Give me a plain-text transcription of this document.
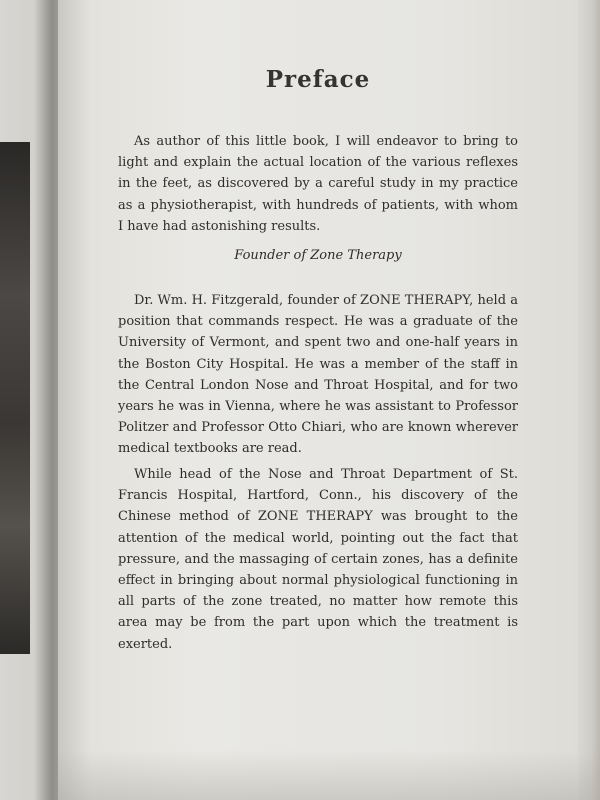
Preface

As author of this little book, I will endeavor to bring to light and explain the actual location of the various reflexes in the feet, as discovered by a careful study in my practice as a physiotherapist, with hundreds of patients, with whom I have had astonishing results.

Founder of Zone Therapy

Dr. Wm. H. Fitzgerald, founder of ZONE THERAPY, held a position that commands respect. He was a graduate of the University of Vermont, and spent two and one-half years in the Boston City Hospital. He was a member of the staff in the Central London Nose and Throat Hospital, and for two years he was in Vienna, where he was assistant to Professor Politzer and Professor Otto Chiari, who are known wherever medical textbooks are read.

While head of the Nose and Throat Department of St. Francis Hospital, Hartford, Conn., his discovery of the Chinese method of ZONE THERAPY was brought to the attention of the medical world, pointing out the fact that pressure, and the massaging of certain zones, has a definite effect in bringing about normal physiological functioning in all parts of the zone treated, no matter how remote this area may be from the part upon which the treatment is exerted.
